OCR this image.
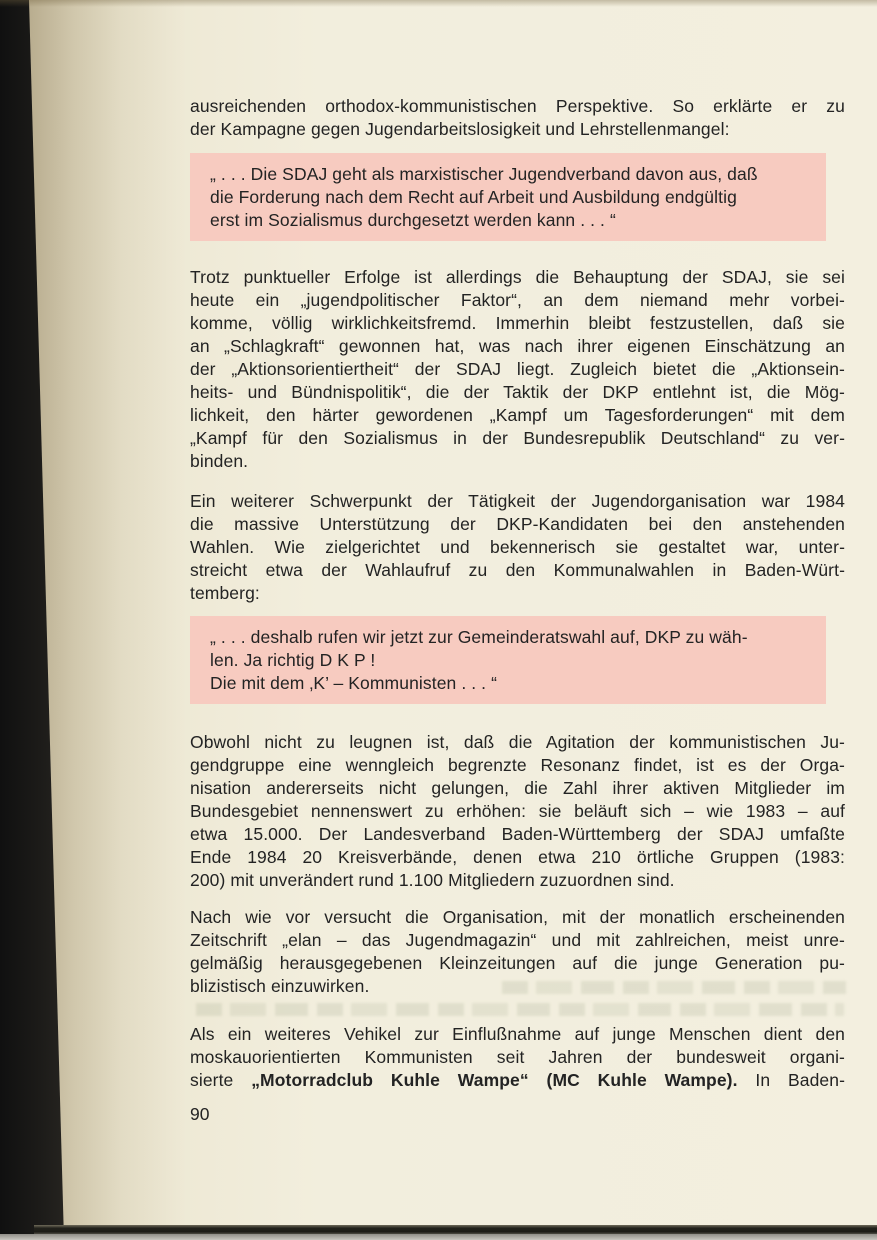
ausreichenden orthodox-kommunistischen Perspektive. So erklärte er zu
der Kampagne gegen Jugendarbeitslosigkeit und Lehrstellenmangel:
„ . . . Die SDAJ geht als marxistischer Jugendverband davon aus, daß
die Forderung nach dem Recht auf Arbeit und Ausbildung endgültig
erst im Sozialismus durchgesetzt werden kann . . . “
Trotz punktueller Erfolge ist allerdings die Behauptung der SDAJ, sie sei
heute ein „jugendpolitischer Faktor“, an dem niemand mehr vorbei-
komme, völlig wirklichkeitsfremd. Immerhin bleibt festzustellen, daß sie
an „Schlagkraft“ gewonnen hat, was nach ihrer eigenen Einschätzung an
der „Aktionsorientiertheit“ der SDAJ liegt. Zugleich bietet die „Aktionsein-
heits- und Bündnispolitik“, die der Taktik der DKP entlehnt ist, die Mög-
lichkeit, den härter gewordenen „Kampf um Tagesforderungen“ mit dem
„Kampf für den Sozialismus in der Bundesrepublik Deutschland“ zu ver-
binden.
Ein weiterer Schwerpunkt der Tätigkeit der Jugendorganisation war 1984
die massive Unterstützung der DKP-Kandidaten bei den anstehenden
Wahlen. Wie zielgerichtet und bekennerisch sie gestaltet war, unter-
streicht etwa der Wahlaufruf zu den Kommunalwahlen in Baden-Würt-
temberg:
„ . . . deshalb rufen wir jetzt zur Gemeinderatswahl auf, DKP zu wäh-
len. Ja richtig D K P !
Die mit dem ‚K’ – Kommunisten . . . “
Obwohl nicht zu leugnen ist, daß die Agitation der kommunistischen Ju-
gendgruppe eine wenngleich begrenzte Resonanz findet, ist es der Orga-
nisation andererseits nicht gelungen, die Zahl ihrer aktiven Mitglieder im
Bundesgebiet nennenswert zu erhöhen: sie beläuft sich – wie 1983 – auf
etwa 15.000. Der Landesverband Baden-Württemberg der SDAJ umfaßte
Ende 1984 20 Kreisverbände, denen etwa 210 örtliche Gruppen (1983:
200) mit unverändert rund 1.100 Mitgliedern zuzuordnen sind.
Nach wie vor versucht die Organisation, mit der monatlich erscheinenden
Zeitschrift „elan – das Jugendmagazin“ und mit zahlreichen, meist unre-
gelmäßig herausgegebenen Kleinzeitungen auf die junge Generation pu-
blizistisch einzuwirken.
Als ein weiteres Vehikel zur Einflußnahme auf junge Menschen dient den
moskauorientierten Kommunisten seit Jahren der bundesweit organi-
sierte „Motorradclub Kuhle Wampe“ (MC Kuhle Wampe). In Baden-
90
